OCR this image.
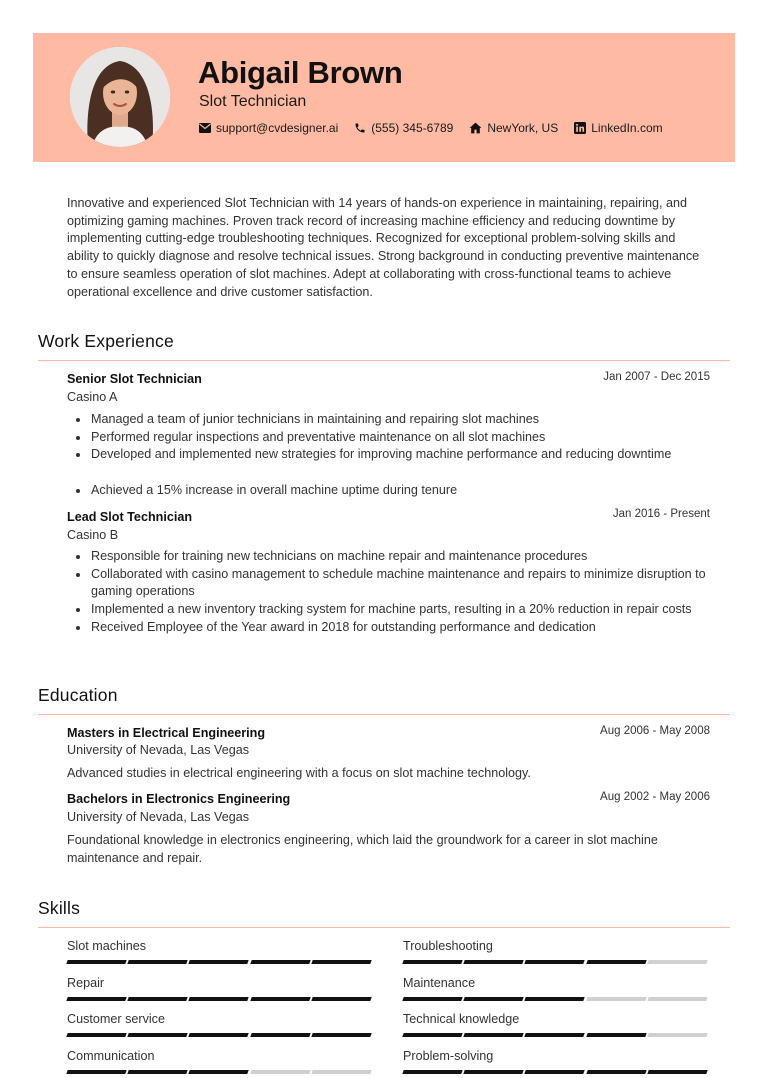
Abigail Brown
Slot Technician
support@cvdesigner.ai	(555) 345-6789	NewYork, US	LinkedIn.com
Innovative and experienced Slot Technician with 14 years of hands-on experience in maintaining, repairing, and optimizing gaming machines. Proven track record of increasing machine efficiency and reducing downtime by implementing cutting-edge troubleshooting techniques. Recognized for exceptional problem-solving skills and ability to quickly diagnose and resolve technical issues. Strong background in conducting preventive maintenance to ensure seamless operation of slot machines. Adept at collaborating with cross-functional teams to achieve operational excellence and drive customer satisfaction.
Work Experience
Senior Slot Technician	Jan 2007 - Dec 2015
Casino A
Managed a team of junior technicians in maintaining and repairing slot machines
Performed regular inspections and preventative maintenance on all slot machines
Developed and implemented new strategies for improving machine performance and reducing downtime
Achieved a 15% increase in overall machine uptime during tenure
Lead Slot Technician	Jan 2016 - Present
Casino B
Responsible for training new technicians on machine repair and maintenance procedures
Collaborated with casino management to schedule machine maintenance and repairs to minimize disruption to gaming operations
Implemented a new inventory tracking system for machine parts, resulting in a 20% reduction in repair costs
Received Employee of the Year award in 2018 for outstanding performance and dedication
Education
Masters in Electrical Engineering	Aug 2006 - May 2008
University of Nevada, Las Vegas
Advanced studies in electrical engineering with a focus on slot machine technology.
Bachelors in Electronics Engineering	Aug 2002 - May 2006
University of Nevada, Las Vegas
Foundational knowledge in electronics engineering, which laid the groundwork for a career in slot machine maintenance and repair.
Skills
Slot machines	Troubleshooting
Repair	Maintenance
Customer service	Technical knowledge
Communication	Problem-solving
